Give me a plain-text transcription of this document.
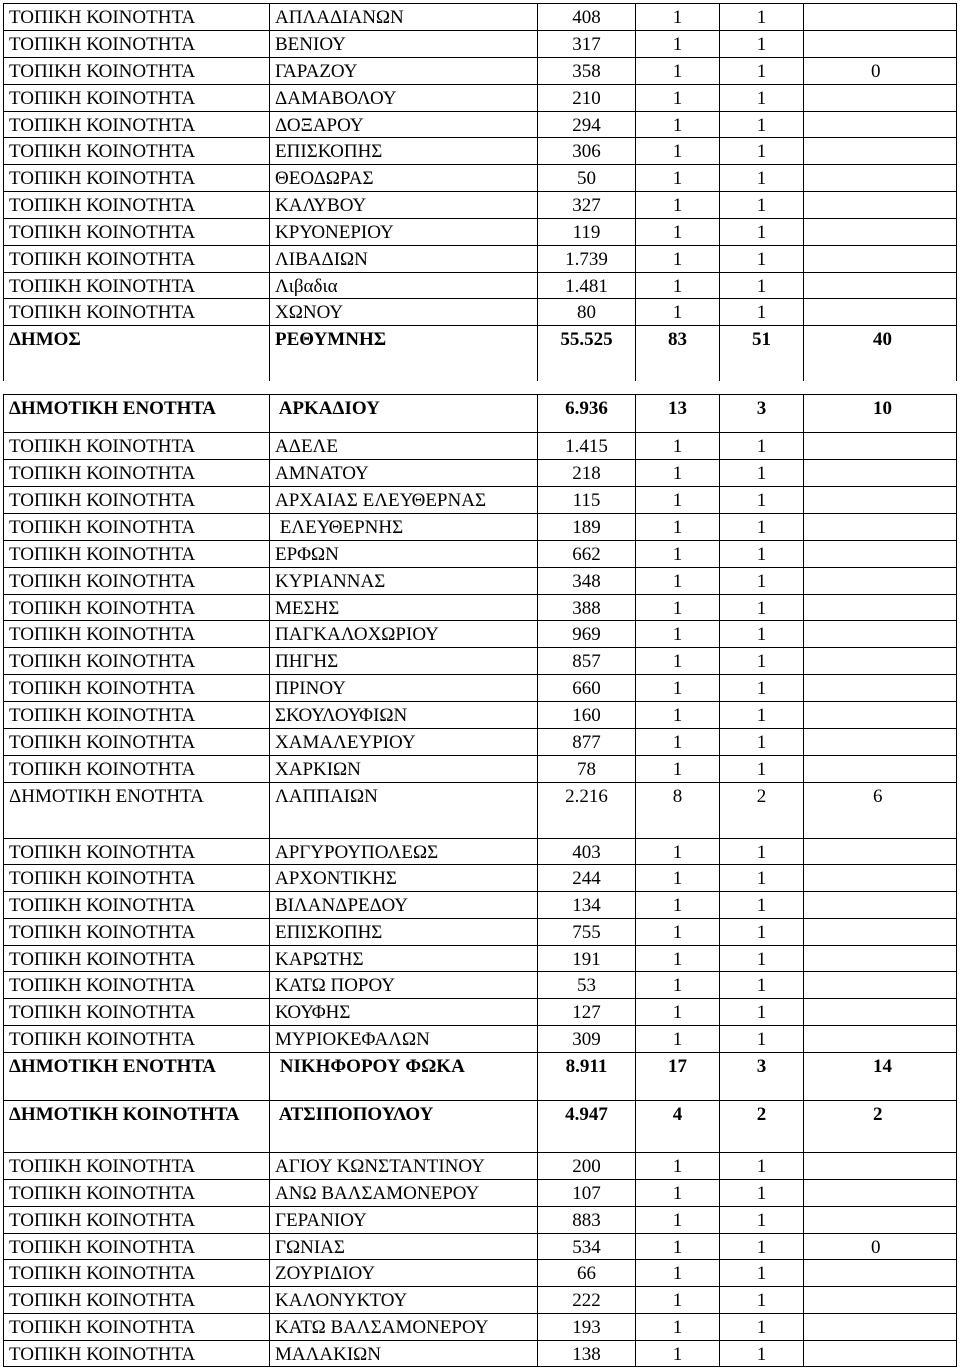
ΤΟΠΙΚΗ ΚΟΙΝΟΤΗΤΑ	ΑΠΛΑΔΙΑΝΩΝ	408	1	1
ΤΟΠΙΚΗ ΚΟΙΝΟΤΗΤΑ	ΒΕΝΙΟΥ	317	1	1
ΤΟΠΙΚΗ ΚΟΙΝΟΤΗΤΑ	ΓΑΡΑΖΟΥ	358	1	1	0
ΤΟΠΙΚΗ ΚΟΙΝΟΤΗΤΑ	ΔΑΜΑΒΟΛΟΥ	210	1	1
ΤΟΠΙΚΗ ΚΟΙΝΟΤΗΤΑ	ΔΟΞΑΡΟΥ	294	1	1
ΤΟΠΙΚΗ ΚΟΙΝΟΤΗΤΑ	ΕΠΙΣΚΟΠΗΣ	306	1	1
ΤΟΠΙΚΗ ΚΟΙΝΟΤΗΤΑ	ΘΕΟΔΩΡΑΣ	50	1	1
ΤΟΠΙΚΗ ΚΟΙΝΟΤΗΤΑ	ΚΑΛΥΒΟΥ	327	1	1
ΤΟΠΙΚΗ ΚΟΙΝΟΤΗΤΑ	ΚΡΥΟΝΕΡΙΟΥ	119	1	1
ΤΟΠΙΚΗ ΚΟΙΝΟΤΗΤΑ	ΛΙΒΑΔΙΩΝ	1.739	1	1
ΤΟΠΙΚΗ ΚΟΙΝΟΤΗΤΑ	Λιβαδια	1.481	1	1
ΤΟΠΙΚΗ ΚΟΙΝΟΤΗΤΑ	ΧΩΝΟΥ	80	1	1
ΔΗΜΟΣ	ΡΕΘΥΜΝΗΣ	55.525	83	51	40
ΔΗΜΟΤΙΚΗ ΕΝΟΤΗΤΑ	ΑΡΚΑΔΙΟΥ	6.936	13	3	10
ΤΟΠΙΚΗ ΚΟΙΝΟΤΗΤΑ	ΑΔΕΛΕ	1.415	1	1
ΤΟΠΙΚΗ ΚΟΙΝΟΤΗΤΑ	ΑΜΝΑΤΟΥ	218	1	1
ΤΟΠΙΚΗ ΚΟΙΝΟΤΗΤΑ	ΑΡΧΑΙΑΣ ΕΛΕΥΘΕΡΝΑΣ	115	1	1
ΤΟΠΙΚΗ ΚΟΙΝΟΤΗΤΑ	ΕΛΕΥΘΕΡΝΗΣ	189	1	1
ΤΟΠΙΚΗ ΚΟΙΝΟΤΗΤΑ	ΕΡΦΩΝ	662	1	1
ΤΟΠΙΚΗ ΚΟΙΝΟΤΗΤΑ	ΚΥΡΙΑΝΝΑΣ	348	1	1
ΤΟΠΙΚΗ ΚΟΙΝΟΤΗΤΑ	ΜΕΣΗΣ	388	1	1
ΤΟΠΙΚΗ ΚΟΙΝΟΤΗΤΑ	ΠΑΓΚΑΛΟΧΩΡΙΟΥ	969	1	1
ΤΟΠΙΚΗ ΚΟΙΝΟΤΗΤΑ	ΠΗΓΗΣ	857	1	1
ΤΟΠΙΚΗ ΚΟΙΝΟΤΗΤΑ	ΠΡΙΝΟΥ	660	1	1
ΤΟΠΙΚΗ ΚΟΙΝΟΤΗΤΑ	ΣΚΟΥΛΟΥΦΙΩΝ	160	1	1
ΤΟΠΙΚΗ ΚΟΙΝΟΤΗΤΑ	ΧΑΜΑΛΕΥΡΙΟΥ	877	1	1
ΤΟΠΙΚΗ ΚΟΙΝΟΤΗΤΑ	ΧΑΡΚΙΩΝ	78	1	1
ΔΗΜΟΤΙΚΗ ΕΝΟΤΗΤΑ	ΛΑΠΠΑΙΩΝ	2.216	8	2	6
ΤΟΠΙΚΗ ΚΟΙΝΟΤΗΤΑ	ΑΡΓΥΡΟΥΠΟΛΕΩΣ	403	1	1
ΤΟΠΙΚΗ ΚΟΙΝΟΤΗΤΑ	ΑΡΧΟΝΤΙΚΗΣ	244	1	1
ΤΟΠΙΚΗ ΚΟΙΝΟΤΗΤΑ	ΒΙΛΑΝΔΡΕΔΟΥ	134	1	1
ΤΟΠΙΚΗ ΚΟΙΝΟΤΗΤΑ	ΕΠΙΣΚΟΠΗΣ	755	1	1
ΤΟΠΙΚΗ ΚΟΙΝΟΤΗΤΑ	ΚΑΡΩΤΗΣ	191	1	1
ΤΟΠΙΚΗ ΚΟΙΝΟΤΗΤΑ	ΚΑΤΩ ΠΟΡΟΥ	53	1	1
ΤΟΠΙΚΗ ΚΟΙΝΟΤΗΤΑ	ΚΟΥΦΗΣ	127	1	1
ΤΟΠΙΚΗ ΚΟΙΝΟΤΗΤΑ	ΜΥΡΙΟΚΕΦΑΛΩΝ	309	1	1
ΔΗΜΟΤΙΚΗ ΕΝΟΤΗΤΑ	ΝΙΚΗΦΟΡΟΥ ΦΩΚΑ	8.911	17	3	14
ΔΗΜΟΤΙΚΗ ΚΟΙΝΟΤΗΤΑ	ΑΤΣΙΠΟΠΟΥΛΟΥ	4.947	4	2	2
ΤΟΠΙΚΗ ΚΟΙΝΟΤΗΤΑ	ΑΓΙΟΥ ΚΩΝΣΤΑΝΤΙΝΟΥ	200	1	1
ΤΟΠΙΚΗ ΚΟΙΝΟΤΗΤΑ	ΑΝΩ ΒΑΛΣΑΜΟΝΕΡΟΥ	107	1	1
ΤΟΠΙΚΗ ΚΟΙΝΟΤΗΤΑ	ΓΕΡΑΝΙΟΥ	883	1	1
ΤΟΠΙΚΗ ΚΟΙΝΟΤΗΤΑ	ΓΩΝΙΑΣ	534	1	1	0
ΤΟΠΙΚΗ ΚΟΙΝΟΤΗΤΑ	ΖΟΥΡΙΔΙΟΥ	66	1	1
ΤΟΠΙΚΗ ΚΟΙΝΟΤΗΤΑ	ΚΑΛΟΝΥΚΤΟΥ	222	1	1
ΤΟΠΙΚΗ ΚΟΙΝΟΤΗΤΑ	ΚΑΤΩ ΒΑΛΣΑΜΟΝΕΡΟΥ	193	1	1
ΤΟΠΙΚΗ ΚΟΙΝΟΤΗΤΑ	ΜΑΛΑΚΙΩΝ	138	1	1
